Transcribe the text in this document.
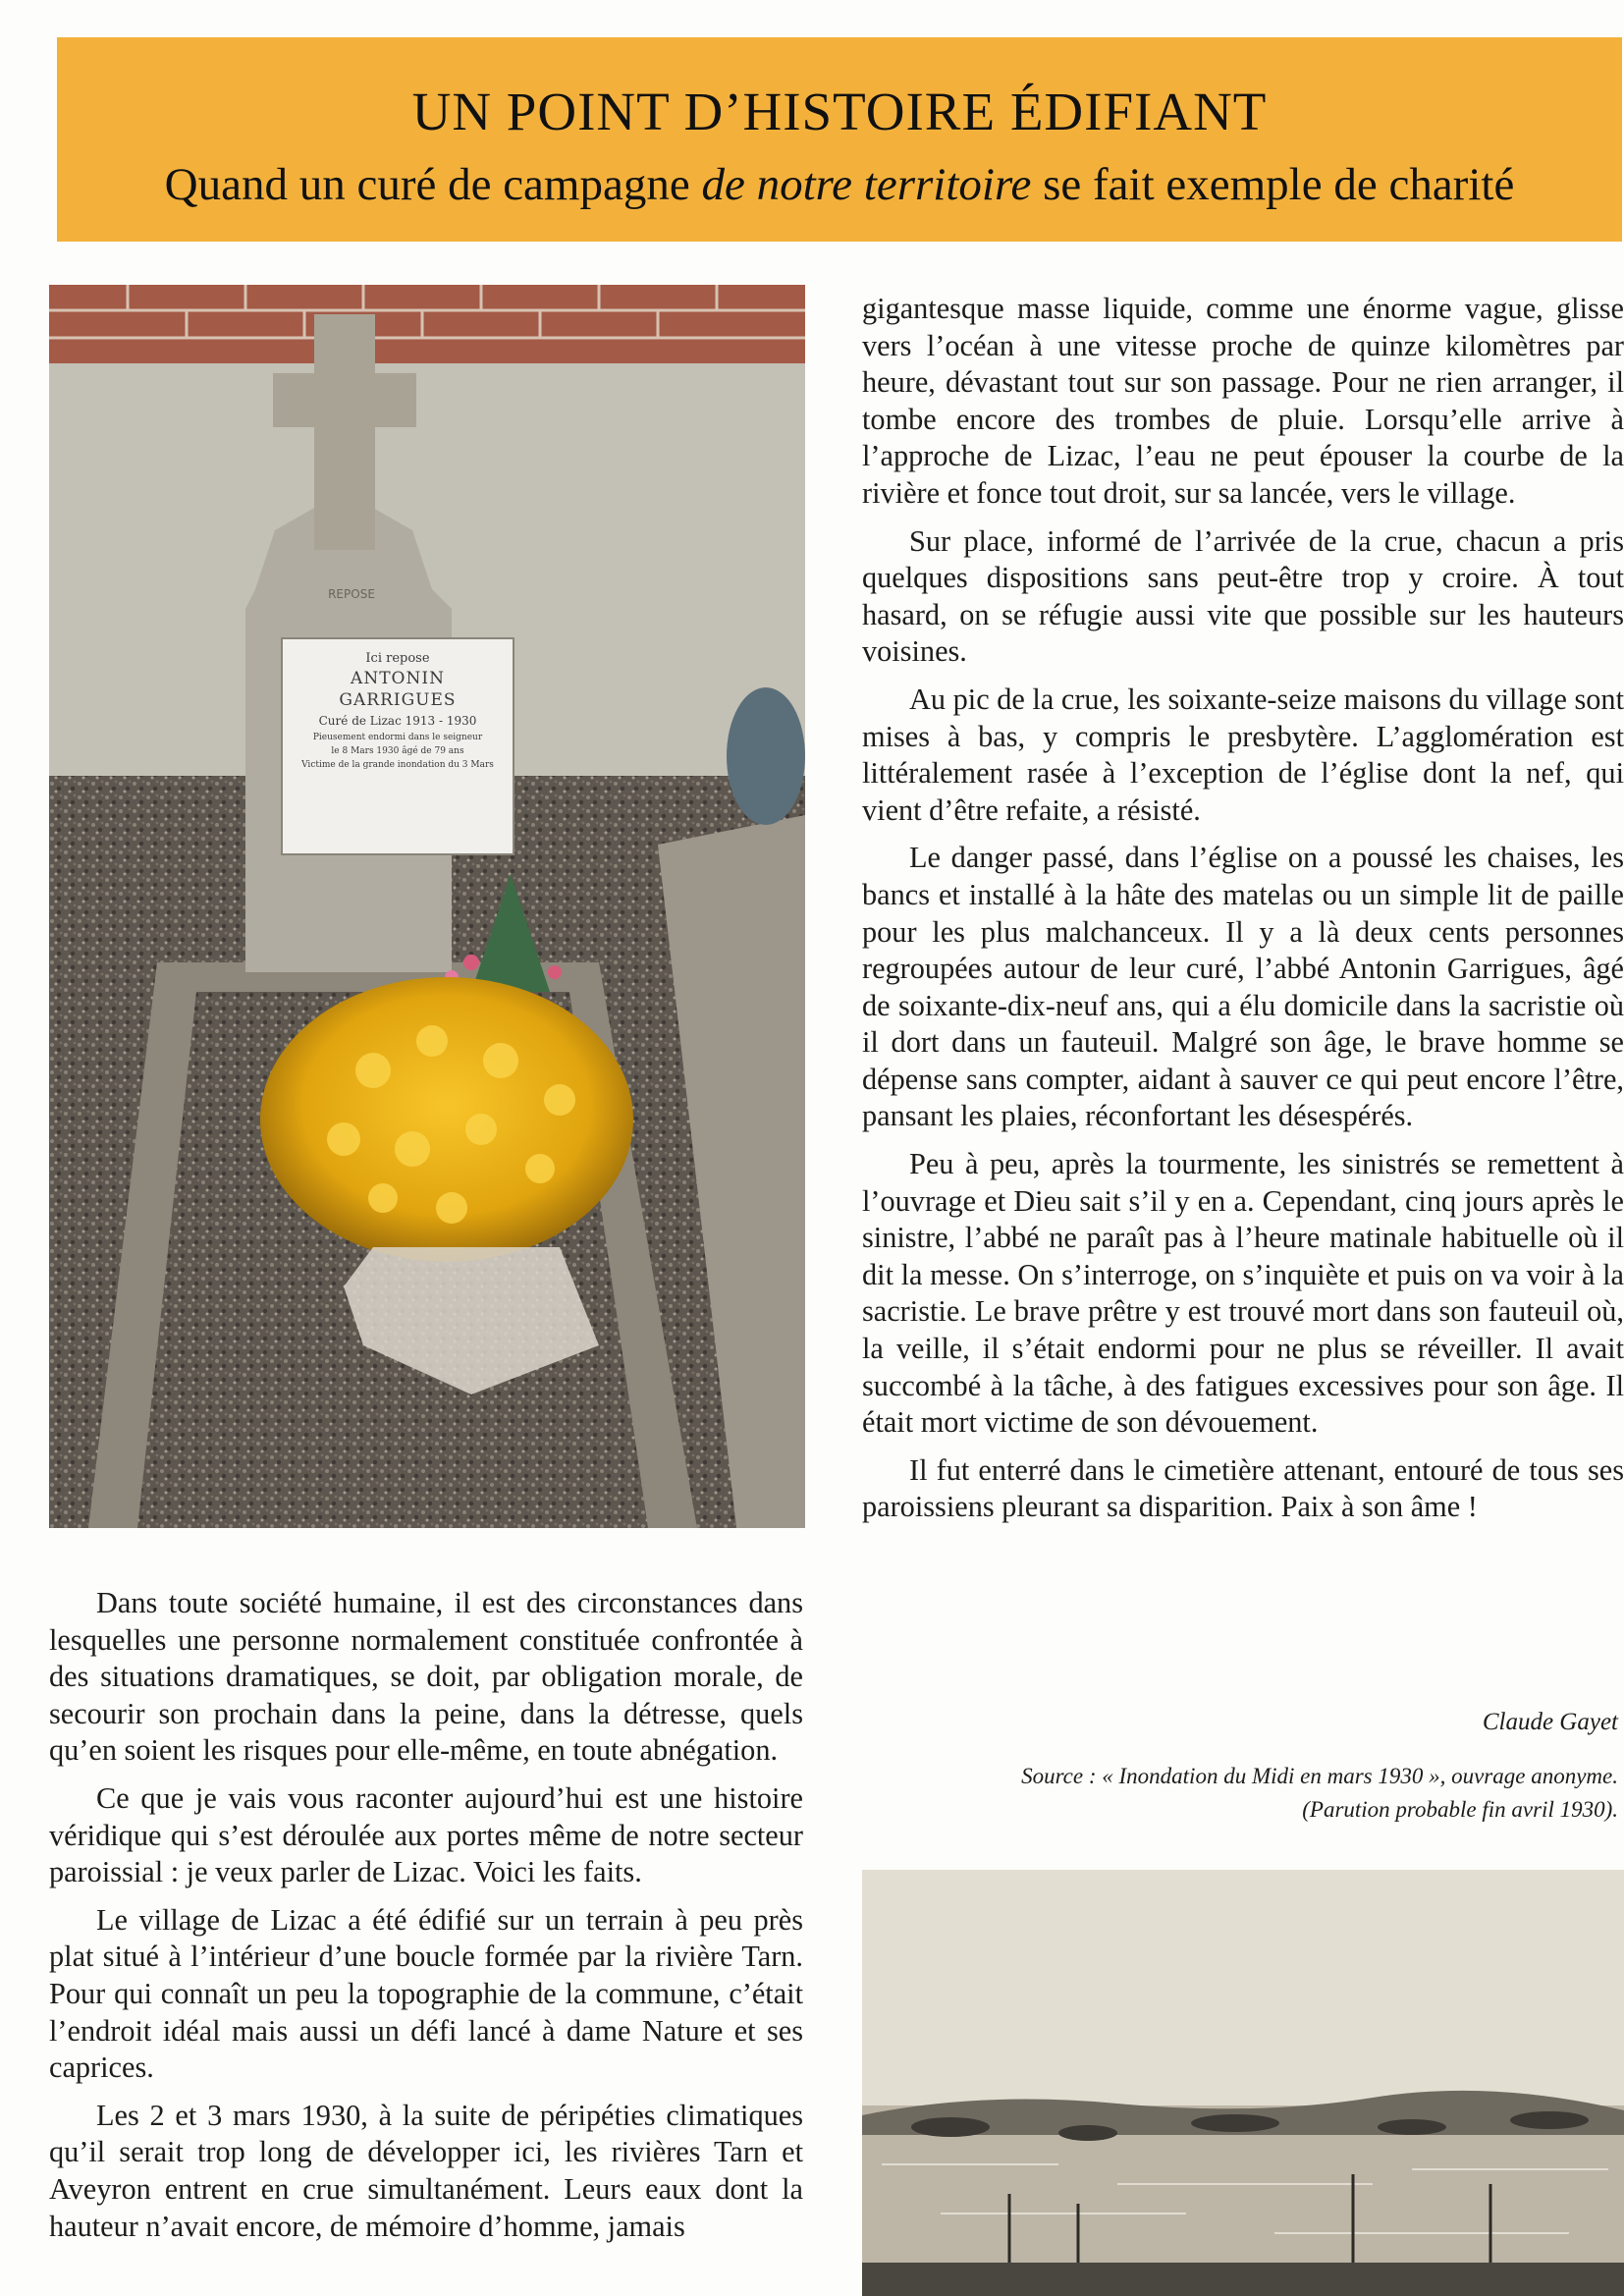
UN POINT D’HISTOIRE ÉDIFIANT
Quand un curé de campagne de notre territoire se fait exemple de charité
Ici repose
ANTONIN
GARRIGUES
Curé de Lizac 1913 - 1930
Pieusement endormi dans le seigneur
le 8 Mars 1930 âgé de 79 ans
Victime de la grande inondation du 3 Mars
REPOSE

gigantesque masse liquide, comme une énorme vague, glisse vers l’océan à une vitesse proche de quinze kilomètres par heure, dévastant tout sur son passage. Pour ne rien arranger, il tombe encore des trombes de pluie. Lorsqu’elle arrive à l’approche de Lizac, l’eau ne peut épouser la courbe de la rivière et fonce tout droit, sur sa lancée, vers le village.

Sur place, informé de l’arrivée de la crue, chacun a pris quelques dispositions sans peut-être trop y croire. À tout hasard, on se réfugie aussi vite que possible sur les hauteurs voisines.

Au pic de la crue, les soixante-seize maisons du village sont mises à bas, y compris le presbytère. L’agglomération est littéralement rasée à l’exception de l’église dont la nef, qui vient d’être refaite, a résisté.

Le danger passé, dans l’église on a poussé les chaises, les bancs et installé à la hâte des matelas ou un simple lit de paille pour les plus malchanceux. Il y a là deux cents personnes regroupées autour de leur curé, l’abbé Antonin Garrigues, âgé de soixante-dix-neuf ans, qui a élu domicile dans la sacristie où il dort dans un fauteuil. Malgré son âge, le brave homme se dépense sans compter, aidant à sauver ce qui peut encore l’être, pansant les plaies, réconfortant les désespérés.

Peu à peu, après la tourmente, les sinistrés se remettent à l’ouvrage et Dieu sait s’il y en a. Cependant, cinq jours après le sinistre, l’abbé ne paraît pas à l’heure matinale habituelle où il dit la messe. On s’interroge, on s’inquiète et puis on va voir à la sacristie. Le brave prêtre y est trouvé mort dans son fauteuil où, la veille, il s’était endormi pour ne plus se réveiller. Il avait succombé à la tâche, à des fatigues excessives pour son âge. Il était mort victime de son dévouement.

Il fut enterré dans le cimetière attenant, entouré de tous ses paroissiens pleurant sa disparition. Paix à son âme !

Claude Gayet
Source : « Inondation du Midi en mars 1930 », ouvrage anonyme.
(Parution probable fin avril 1930).

Dans toute société humaine, il est des circonstances dans lesquelles une personne normalement constituée confrontée à des situations dramatiques, se doit, par obligation morale, de secourir son prochain dans la peine, dans la détresse, quels qu’en soient les risques pour elle-même, en toute abnégation.

Ce que je vais vous raconter aujourd’hui est une histoire véridique qui s’est déroulée aux portes même de notre secteur paroissial : je veux parler de Lizac. Voici les faits.

Le village de Lizac a été édifié sur un terrain à peu près plat situé à l’intérieur d’une boucle formée par la rivière Tarn. Pour qui connaît un peu la topographie de la commune, c’était l’endroit idéal mais aussi un défi lancé à dame Nature et ses caprices.

Les 2 et 3 mars 1930, à la suite de péripéties climatiques qu’il serait trop long de développer ici, les rivières Tarn et Aveyron entrent en crue simultanément. Leurs eaux dont la hauteur n’avait encore, de mémoire d’homme, jamais
